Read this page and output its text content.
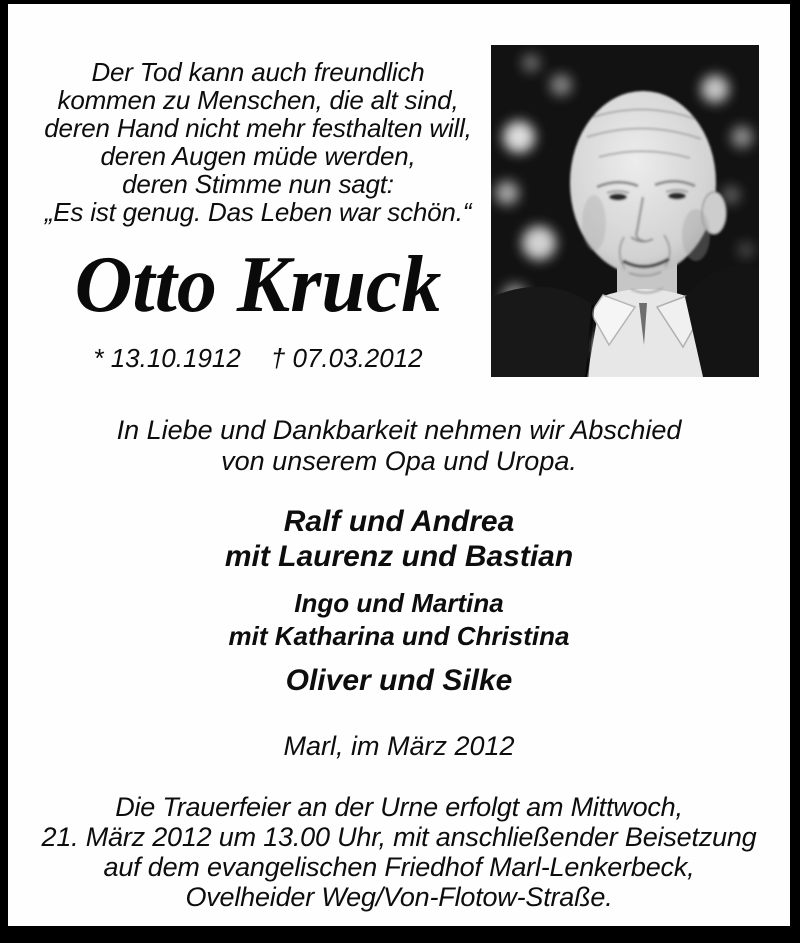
Der Tod kann auch freundlich
kommen zu Menschen, die alt sind,
deren Hand nicht mehr festhalten will,
deren Augen müde werden,
deren Stimme nun sagt:
„Es ist genug. Das Leben war schön.“
Otto Kruck
* 13.10.1912 † 07.03.2012
In Liebe und Dankbarkeit nehmen wir Abschied
von unserem Opa und Uropa.
Ralf und Andrea
mit Laurenz und Bastian
Ingo und Martina
mit Katharina und Christina
Oliver und Silke
Marl, im März 2012
Die Trauerfeier an der Urne erfolgt am Mittwoch,
21. März 2012 um 13.00 Uhr, mit anschließender Beisetzung
auf dem evangelischen Friedhof Marl-Lenkerbeck,
Ovelheider Weg/Von-Flotow-Straße.
